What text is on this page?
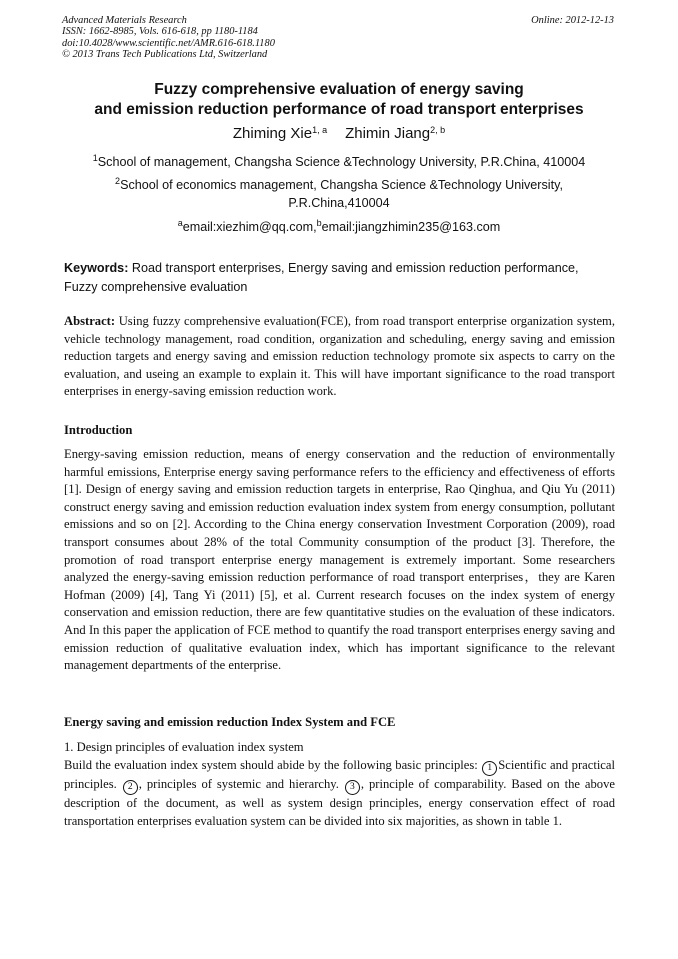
Advanced Materials Research
ISSN: 1662-8985, Vols. 616-618, pp 1180-1184
doi:10.4028/www.scientific.net/AMR.616-618.1180
© 2013 Trans Tech Publications Ltd, Switzerland
Online: 2012-12-13
Fuzzy comprehensive evaluation of energy saving
and emission reduction performance of road transport enterprises
Zhiming Xie$^{1, a}$ Zhimin Jiang$^{2, b}$
$^1$School of management, Changsha Science &Technology University, P.R.China, 410004
$^2$School of economics management, Changsha Science &Technology University,
P.R.China,410004
$^a$email:xiezhim@qq.com,$^b$email:jiangzhimin235@163.com
Keywords: Road transport enterprises, Energy saving and emission reduction performance, Fuzzy comprehensive evaluation
Abstract: Using fuzzy comprehensive evaluation(FCE), from road transport enterprise organization system, vehicle technology management, road condition, organization and scheduling, energy saving and emission reduction targets and energy saving and emission reduction technology promote six aspects to carry on the evaluation, and useing an example to explain it. This will have important significance to the road transport enterprises in energy-saving emission reduction work.
Introduction
Energy-saving emission reduction, means of energy conservation and the reduction of environmentally harmful emissions, Enterprise energy saving performance refers to the efficiency and effectiveness of efforts [1]. Design of energy saving and emission reduction targets in enterprise, Rao Qinghua, and Qiu Yu (2011) construct energy saving and emission reduction evaluation index system from energy consumption, pollutant emissions and so on [2]. According to the China energy conservation Investment Corporation (2009), road transport consumes about 28% of the total Community consumption of the product [3]. Therefore, the promotion of road transport enterprise energy management is extremely important. Some researchers analyzed the energy-saving emission reduction performance of road transport enterprises，they are Karen Hofman (2009) [4], Tang Yi (2011) [5], et al. Current research focuses on the index system of energy conservation and emission reduction, there are few quantitative studies on the evaluation of these indicators. And In this paper the application of FCE method to quantify the road transport enterprises energy saving and emission reduction of qualitative evaluation index, which has important significance to the relevant management departments of the enterprise.
Energy saving and emission reduction Index System and FCE
1. Design principles of evaluation index system
Build the evaluation index system should abide by the following basic principles: 1 Scientific and practical principles. 2 , principles of systemic and hierarchy. 3 , principle of comparability. Based on the above description of the document, as well as system design principles, energy conservation effect of road transportation enterprises evaluation system can be divided into six majorities, as shown in table 1.
